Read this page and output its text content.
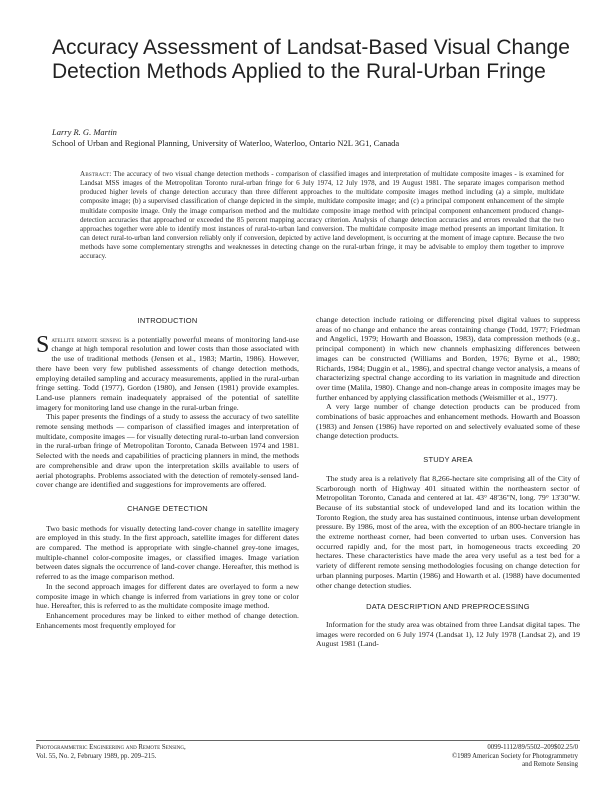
Accuracy Assessment of Landsat-Based Visual Change Detection Methods Applied to the Rural-Urban Fringe
Larry R. G. Martin
School of Urban and Regional Planning, University of Waterloo, Waterloo, Ontario N2L 3G1, Canada
Abstract: The accuracy of two visual change detection methods - comparison of classified images and interpretation of multidate composite images - is examined for Landsat MSS images of the Metropolitan Toronto rural-urban fringe for 6 July 1974, 12 July 1978, and 19 August 1981. The separate images comparison method produced higher levels of change detection accuracy than three different approaches to the multidate composite images method including (a) a simple, multidate composite image; (b) a supervised classification of change depicted in the simple, multidate composite image; and (c) a principal component enhancement of the simple multidate composite image. Only the image comparison method and the multidate composite image method with principal component enhancement produced change-detection accuracies that approached or exceeded the 85 percent mapping accuracy criterion. Analysis of change detection accuracies and errors revealed that the two approaches together were able to identify most instances of rural-to-urban land conversion. The multidate composite image method presents an important limitation. It can detect rural-to-urban land conversion reliably only if conversion, depicted by active land development, is occurring at the moment of image capture. Because the two methods have some complementary strengths and weaknesses in detecting change on the rural-urban fringe, it may be advisable to employ them together to improve accuracy.
INTRODUCTION

Satellite remote sensing is a potentially powerful means of monitoring land-use change at high temporal resolution and lower costs than those associated with the use of traditional methods (Jensen et al., 1983; Martin, 1986). However, there have been very few published assessments of change detection methods, employing detailed sampling and accuracy measurements, applied in the rural-urban fringe setting. Todd (1977), Gordon (1980), and Jensen (1981) provide examples. Land-use planners remain inadequately appraised of the potential of satellite imagery for monitoring land use change in the rural-urban fringe.

This paper presents the findings of a study to assess the accuracy of two satellite remote sensing methods — comparison of classified images and interpretation of multidate, composite images — for visually detecting rural-to-urban land conversion in the rural-urban fringe of Metropolitan Toronto, Canada Between 1974 and 1981. Selected with the needs and capabilities of practicing planners in mind, the methods are comprehensible and draw upon the interpretation skills available to users of aerial photographs. Problems associated with the detection of remotely-sensed land-cover change are identified and suggestions for improvements are offered.

CHANGE DETECTION

Two basic methods for visually detecting land-cover change in satellite imagery are employed in this study. In the first approach, satellite images for different dates are compared. The method is appropriate with single-channel grey-tone images, multiple-channel color-composite images, or classified images. Image variation between dates signals the occurrence of land-cover change. Hereafter, this method is referred to as the image comparison method.

In the second approach images for different dates are overlayed to form a new composite image in which change is inferred from variations in grey tone or color hue. Hereafter, this is referred to as the multidate composite image method.

Enhancement procedures may be linked to either method of change detection. Enhancements most frequently employed for

change detection include ratioing or differencing pixel digital values to suppress areas of no change and enhance the areas containing change (Todd, 1977; Friedman and Angelici, 1979; Howarth and Boasson, 1983), data compression methods (e.g., principal component) in which new channels emphasizing differences between images can be constructed (Williams and Borden, 1976; Byrne et al., 1980; Richards, 1984; Duggin et al., 1986), and spectral change vector analysis, a means of characterizing spectral change according to its variation in magnitude and direction over time (Malila, 1980). Change and non-change areas in composite images may be further enhanced by applying classification methods (Weismiller et al., 1977).

A very large number of change detection products can be produced from combinations of basic approaches and enhancement methods. Howarth and Boasson (1983) and Jensen (1986) have reported on and selectively evaluated some of these change detection products.

STUDY AREA

The study area is a relatively flat 8,266-hectare site comprising all of the City of Scarborough north of Highway 401 situated within the northeastern sector of Metropolitan Toronto, Canada and centered at lat. 43° 48'36"N, long. 79° 13'30"W. Because of its substantial stock of undeveloped land and its location within the Toronto Region, the study area has sustained continuous, intense urban development pressure. By 1986, most of the area, with the exception of an 800-hectare triangle in the extreme northeast corner, had been converted to urban uses. Conversion has occurred rapidly and, for the most part, in homogeneous tracts exceeding 20 hectares. These characteristics have made the area very useful as a test bed for a variety of different remote sensing methodologies focusing on change detection for urban planning purposes. Martin (1986) and Howarth et al. (1988) have documented other change detection studies.

DATA DESCRIPTION AND PREPROCESSING

Information for the study area was obtained from three Landsat digital tapes. The images were recorded on 6 July 1974 (Landsat 1), 12 July 1978 (Landsat 2), and 19 August 1981 (Land-

Photogrammetric Engineering and Remote Sensing,
Vol. 55, No. 2, February 1989, pp. 209–215.
0099-1112/89/5502–209$02.25/0
©1989 American Society for Photogrammetry
and Remote Sensing
